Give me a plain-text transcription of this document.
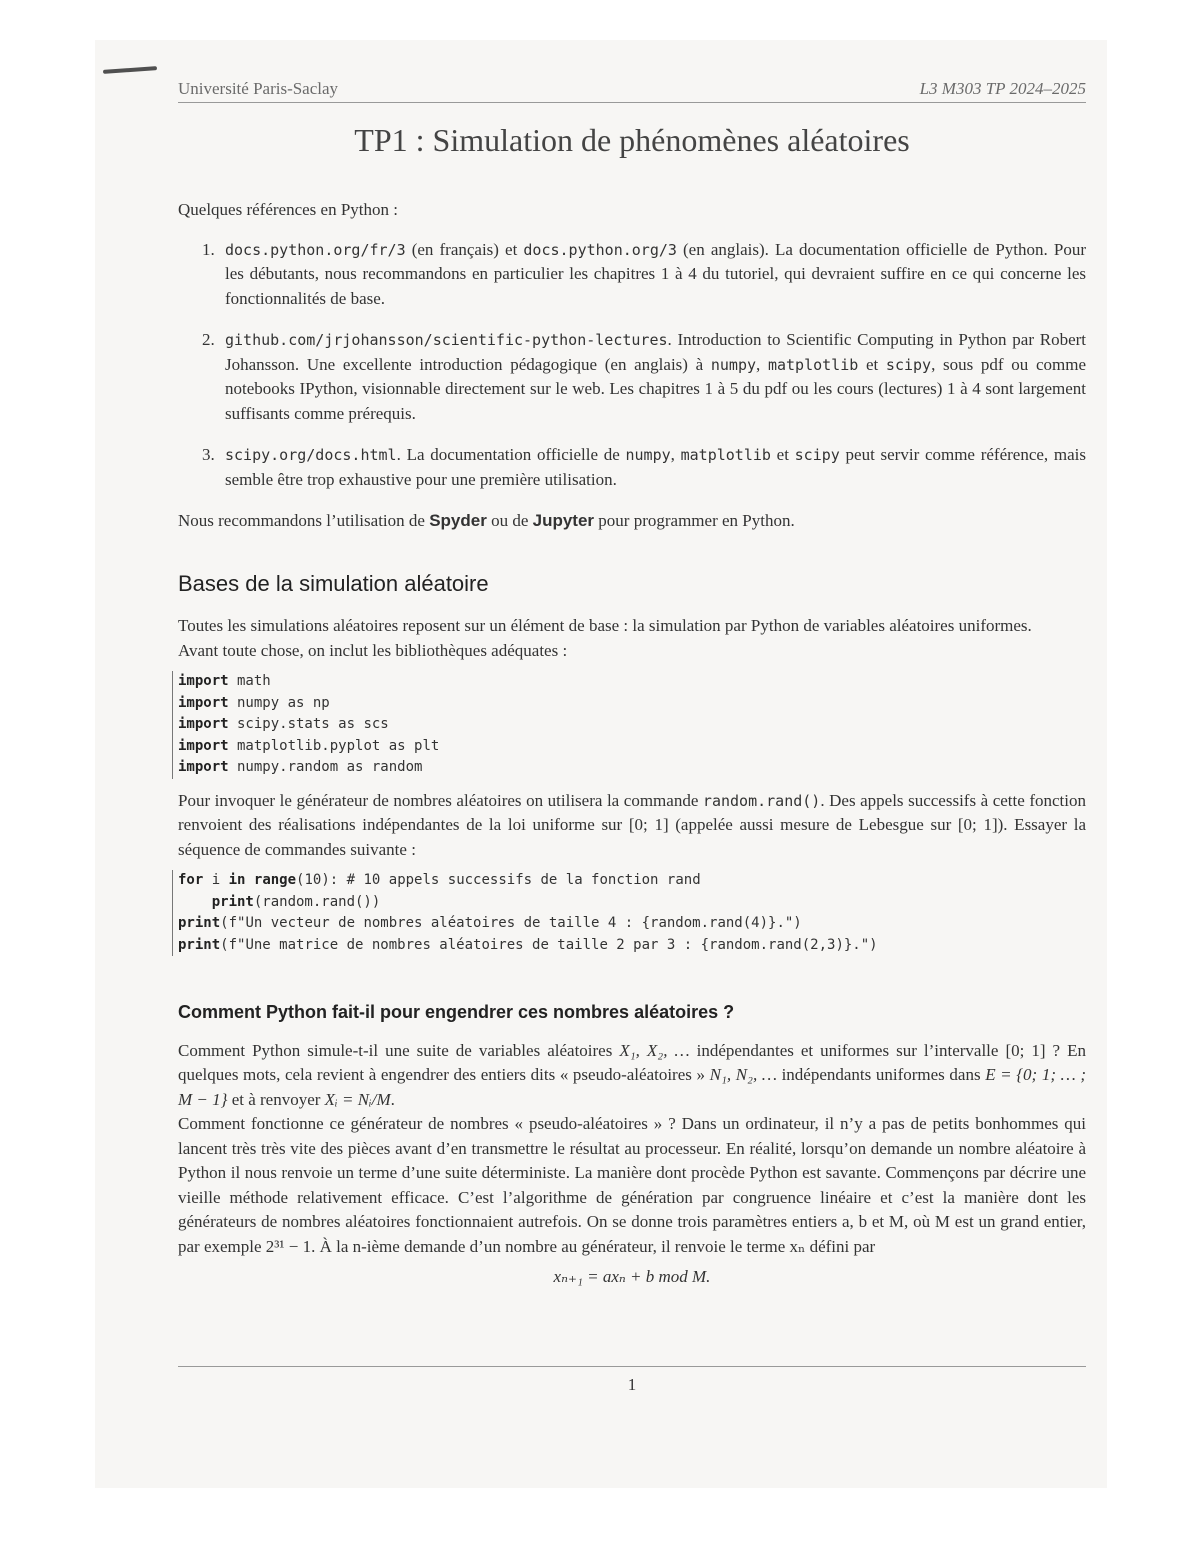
Université Paris-Saclay	L3 M303 TP 2024–2025
TP1 : Simulation de phénomènes aléatoires

Quelques références en Python :

1. docs.python.org/fr/3 (en français) et docs.python.org/3 (en anglais). La documentation officielle de Python. Pour les débutants, nous recommandons en particulier les chapitres 1 à 4 du tutoriel, qui devraient suffire en ce qui concerne les fonctionnalités de base.
2. github.com/jrjohansson/scientific-python-lectures. Introduction to Scientific Computing in Python par Robert Johansson. Une excellente introduction pédagogique (en anglais) à numpy, matplotlib et scipy, sous pdf ou comme notebooks IPython, visionnable directement sur le web. Les chapitres 1 à 5 du pdf ou les cours (lectures) 1 à 4 sont largement suffisants comme prérequis.
3. scipy.org/docs.html. La documentation officielle de numpy, matplotlib et scipy peut servir comme référence, mais semble être trop exhaustive pour une première utilisation.

Nous recommandons l’utilisation de Spyder ou de Jupyter pour programmer en Python.

Bases de la simulation aléatoire

Toutes les simulations aléatoires reposent sur un élément de base : la simulation par Python de variables aléatoires uniformes.

Avant toute chose, on inclut les bibliothèques adéquates :

import math
import numpy as np
import scipy.stats as scs
import matplotlib.pyplot as plt
import numpy.random as random

Pour invoquer le générateur de nombres aléatoires on utilisera la commande random.rand(). Des appels successifs à cette fonction renvoient des réalisations indépendantes de la loi uniforme sur [0; 1] (appelée aussi mesure de Lebesgue sur [0; 1]). Essayer la séquence de commandes suivante :

for i in range(10): # 10 appels successifs de la fonction rand
print(random.rand())
print(f"Un vecteur de nombres aléatoires de taille 4 : {random.rand(4)}.")
print(f"Une matrice de nombres aléatoires de taille 2 par 3 : {random.rand(2,3)}.")
Comment Python fait-il pour engendrer ces nombres aléatoires ?

Comment Python simule-t-il une suite de variables aléatoires X₁, X₂, … indépendantes et uniformes sur l’intervalle [0; 1] ? En quelques mots, cela revient à engendrer des entiers dits « pseudo-aléatoires » N₁, N₂, … indépendants uniformes dans E = {0; 1; … ; M − 1} et à renvoyer Xᵢ = Nᵢ/M.

Comment fonctionne ce générateur de nombres « pseudo-aléatoires » ? Dans un ordinateur, il n’y a pas de petits bonhommes qui lancent très très vite des pièces avant d’en transmettre le résultat au processeur. En réalité, lorsqu’on demande un nombre aléatoire à Python il nous renvoie un terme d’une suite déterministe. La manière dont procède Python est savante. Commençons par décrire une vieille méthode relativement efficace. C’est l’algorithme de génération par congruence linéaire et c’est la manière dont les générateurs de nombres aléatoires fonctionnaient autrefois. On se donne trois paramètres entiers a, b et M, où M est un grand entier, par exemple 2³¹ − 1. À la n-ième demande d’un nombre au générateur, il renvoie le terme xₙ défini par

xₙ₊₁ = axₙ + b mod M.

1
